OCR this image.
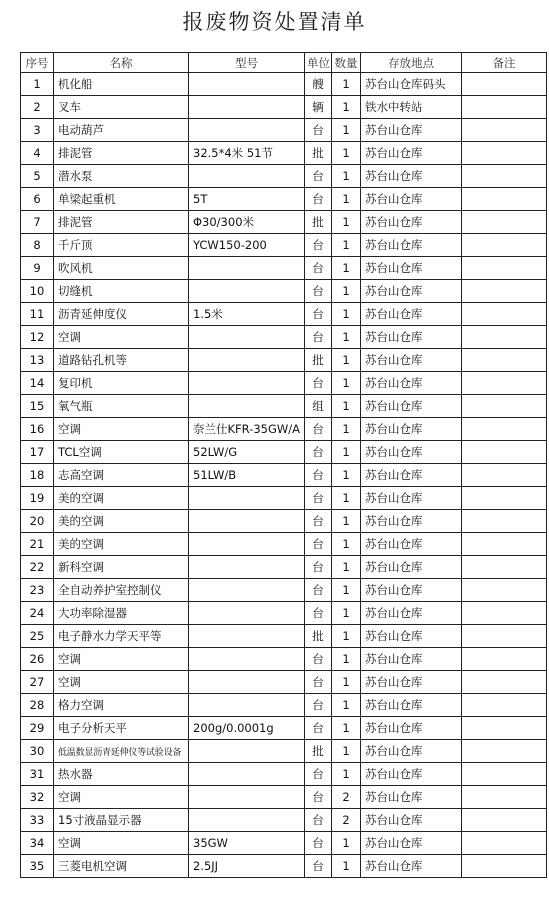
报废物资处置清单
序号	名称	型号	单位	数量	存放地点	备注
1	机化船		艘	1	苏台山仓库码头	
2	叉车		辆	1	铁水中转站	
3	电动葫芦		台	1	苏台山仓库	
4	排泥管	32.5*4米 51节	批	1	苏台山仓库	
5	潜水泵		台	1	苏台山仓库	
6	单梁起重机	5T	台	1	苏台山仓库	
7	排泥管	Φ30/300米	批	1	苏台山仓库	
8	千斤顶	YCW150-200	台	1	苏台山仓库	
9	吹风机		台	1	苏台山仓库	
10	切缝机		台	1	苏台山仓库	
11	沥青延伸度仪	1.5米	台	1	苏台山仓库	
12	空调		台	1	苏台山仓库	
13	道路钻孔机等		批	1	苏台山仓库	
14	复印机		台	1	苏台山仓库	
15	氧气瓶		组	1	苏台山仓库	
16	空调	奈兰仕KFR-35GW/A	台	1	苏台山仓库	
17	TCL空调	52LW/G	台	1	苏台山仓库	
18	志高空调	51LW/B	台	1	苏台山仓库	
19	美的空调		台	1	苏台山仓库	
20	美的空调		台	1	苏台山仓库	
21	美的空调		台	1	苏台山仓库	
22	新科空调		台	1	苏台山仓库	
23	全自动养护室控制仪		台	1	苏台山仓库	
24	大功率除湿器		台	1	苏台山仓库	
25	电子静水力学天平等		批	1	苏台山仓库	
26	空调		台	1	苏台山仓库	
27	空调		台	1	苏台山仓库	
28	格力空调		台	1	苏台山仓库	
29	电子分析天平	200g/0.0001g	台	1	苏台山仓库	
30	低温数显沥青延伸仪等试验设备		批	1	苏台山仓库	
31	热水器		台	1	苏台山仓库	
32	空调		台	2	苏台山仓库	
33	15寸液晶显示器		台	2	苏台山仓库	
34	空调	35GW	台	1	苏台山仓库	
35	三菱电机空调	2.5JJ	台	1	苏台山仓库	
